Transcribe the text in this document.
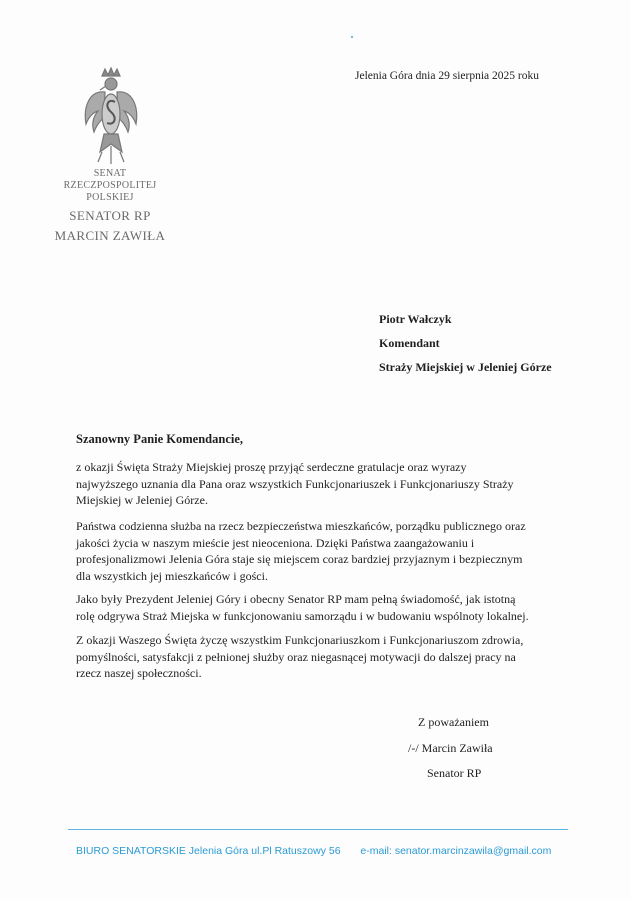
SENAT
RZECZPOSPOLITEJ
POLSKIEJ
SENATOR RP
MARCIN ZAWIŁA
Jelenia Góra dnia 29 sierpnia 2025 roku
Piotr Wałczyk
Komendant
Straży Miejskiej w Jeleniej Górze
Szanowny Panie Komendancie,
z okazji Święta Straży Miejskiej proszę przyjąć serdeczne gratulacje oraz wyrazy
najwyższego uznania dla Pana oraz wszystkich Funkcjonariuszek i Funkcjonariuszy Straży
Miejskiej w Jeleniej Górze.
Państwa codzienna służba na rzecz bezpieczeństwa mieszkańców, porządku publicznego oraz
jakości życia w naszym mieście jest nieoceniona. Dzięki Państwa zaangażowaniu i
profesjonalizmowi Jelenia Góra staje się miejscem coraz bardziej przyjaznym i bezpiecznym
dla wszystkich jej mieszkańców i gości.
Jako były Prezydent Jeleniej Góry i obecny Senator RP mam pełną świadomość, jak istotną
rolę odgrywa Straż Miejska w funkcjonowaniu samorządu i w budowaniu wspólnoty lokalnej.
Z okazji Waszego Święta życzę wszystkim Funkcjonariuszkom i Funkcjonariuszom zdrowia,
pomyślności, satysfakcji z pełnionej służby oraz niegasnącej motywacji do dalszej pracy na
rzecz naszej społeczności.
Z poważaniem
/-/ Marcin Zawiła
Senator RP
BIURO SENATORSKIE Jelenia Góra ul.Pl Ratuszowy 56 e-mail: senator.marcinzawila@gmail.com
